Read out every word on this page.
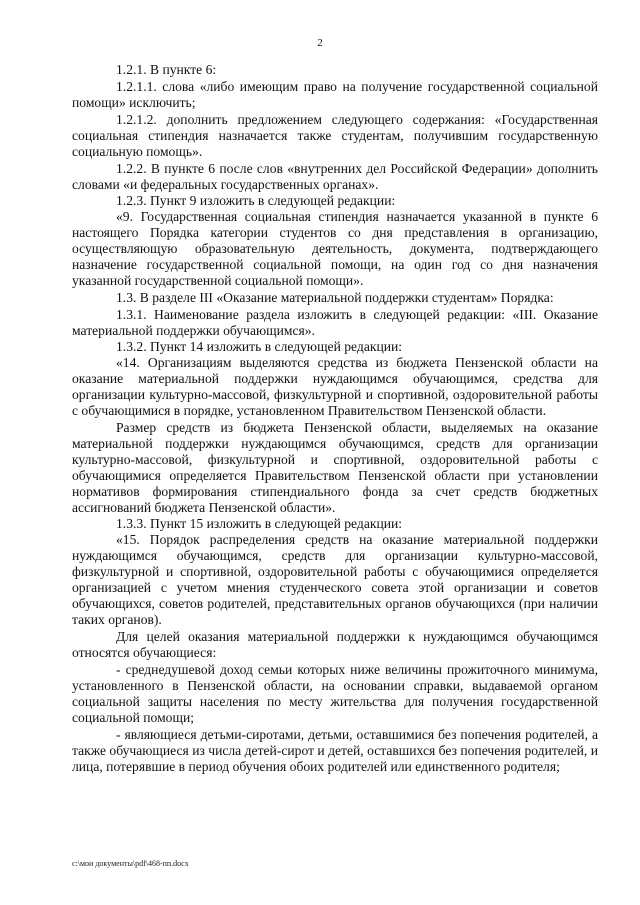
2

1.2.1. В пункте 6:

1.2.1.1. слова «либо имеющим право на получение государственной социальной помощи» исключить;

1.2.1.2. дополнить предложением следующего содержания: «Государственная социальная стипендия назначается также студентам, получившим государственную социальную помощь».

1.2.2. В пункте 6 после слов «внутренних дел Российской Федерации» дополнить словами «и федеральных государственных органах».

1.2.3. Пункт 9 изложить в следующей редакции:

«9. Государственная социальная стипендия назначается указанной в пункте 6 настоящего Порядка категории студентов со дня представления в организацию, осуществляющую образовательную деятельность, документа, подтверждающего назначение государственной социальной помощи, на один год со дня назначения указанной государственной социальной помощи».

1.3. В разделе III «Оказание материальной поддержки студентам» Порядка:

1.3.1. Наименование раздела изложить в следующей редакции: «III. Оказание материальной поддержки обучающимся».

1.3.2. Пункт 14 изложить в следующей редакции:

«14. Организациям выделяются средства из бюджета Пензенской области на оказание материальной поддержки нуждающимся обучающимся, средства для организации культурно-массовой, физкультурной и спортивной, оздоровительной работы с обучающимися в порядке, установленном Правительством Пензенской области.

Размер средств из бюджета Пензенской области, выделяемых на оказание материальной поддержки нуждающимся обучающимся, средств для организации культурно-массовой, физкультурной и спортивной, оздоровительной работы с обучающимися определяется Правительством Пензенской области при установлении нормативов формирования стипендиального фонда за счет средств бюджетных ассигнований бюджета Пензенской области».

1.3.3. Пункт 15 изложить в следующей редакции:

«15. Порядок распределения средств на оказание материальной поддержки нуждающимся обучающимся, средств для организации культурно-массовой, физкультурной и спортивной, оздоровительной работы с обучающимися определяется организацией с учетом мнения студенческого совета этой организации и советов обучающихся, советов родителей, представительных органов обучающихся (при наличии таких органов).

Для целей оказания материальной поддержки к нуждающимся обучающимся относятся обучающиеся:

- среднедушевой доход семьи которых ниже величины прожиточного минимума, установленного в Пензенской области, на основании справки, выдаваемой органом социальной защиты населения по месту жительства для получения государственной социальной помощи;

- являющиеся детьми-сиротами, детьми, оставшимися без попечения родителей, а также обучающиеся из числа детей-сирот и детей, оставшихся без попечения родителей, и лица, потерявшие в период обучения обоих родителей или единственного родителя;

c:\мои документы\pdf\468-пп.docx
